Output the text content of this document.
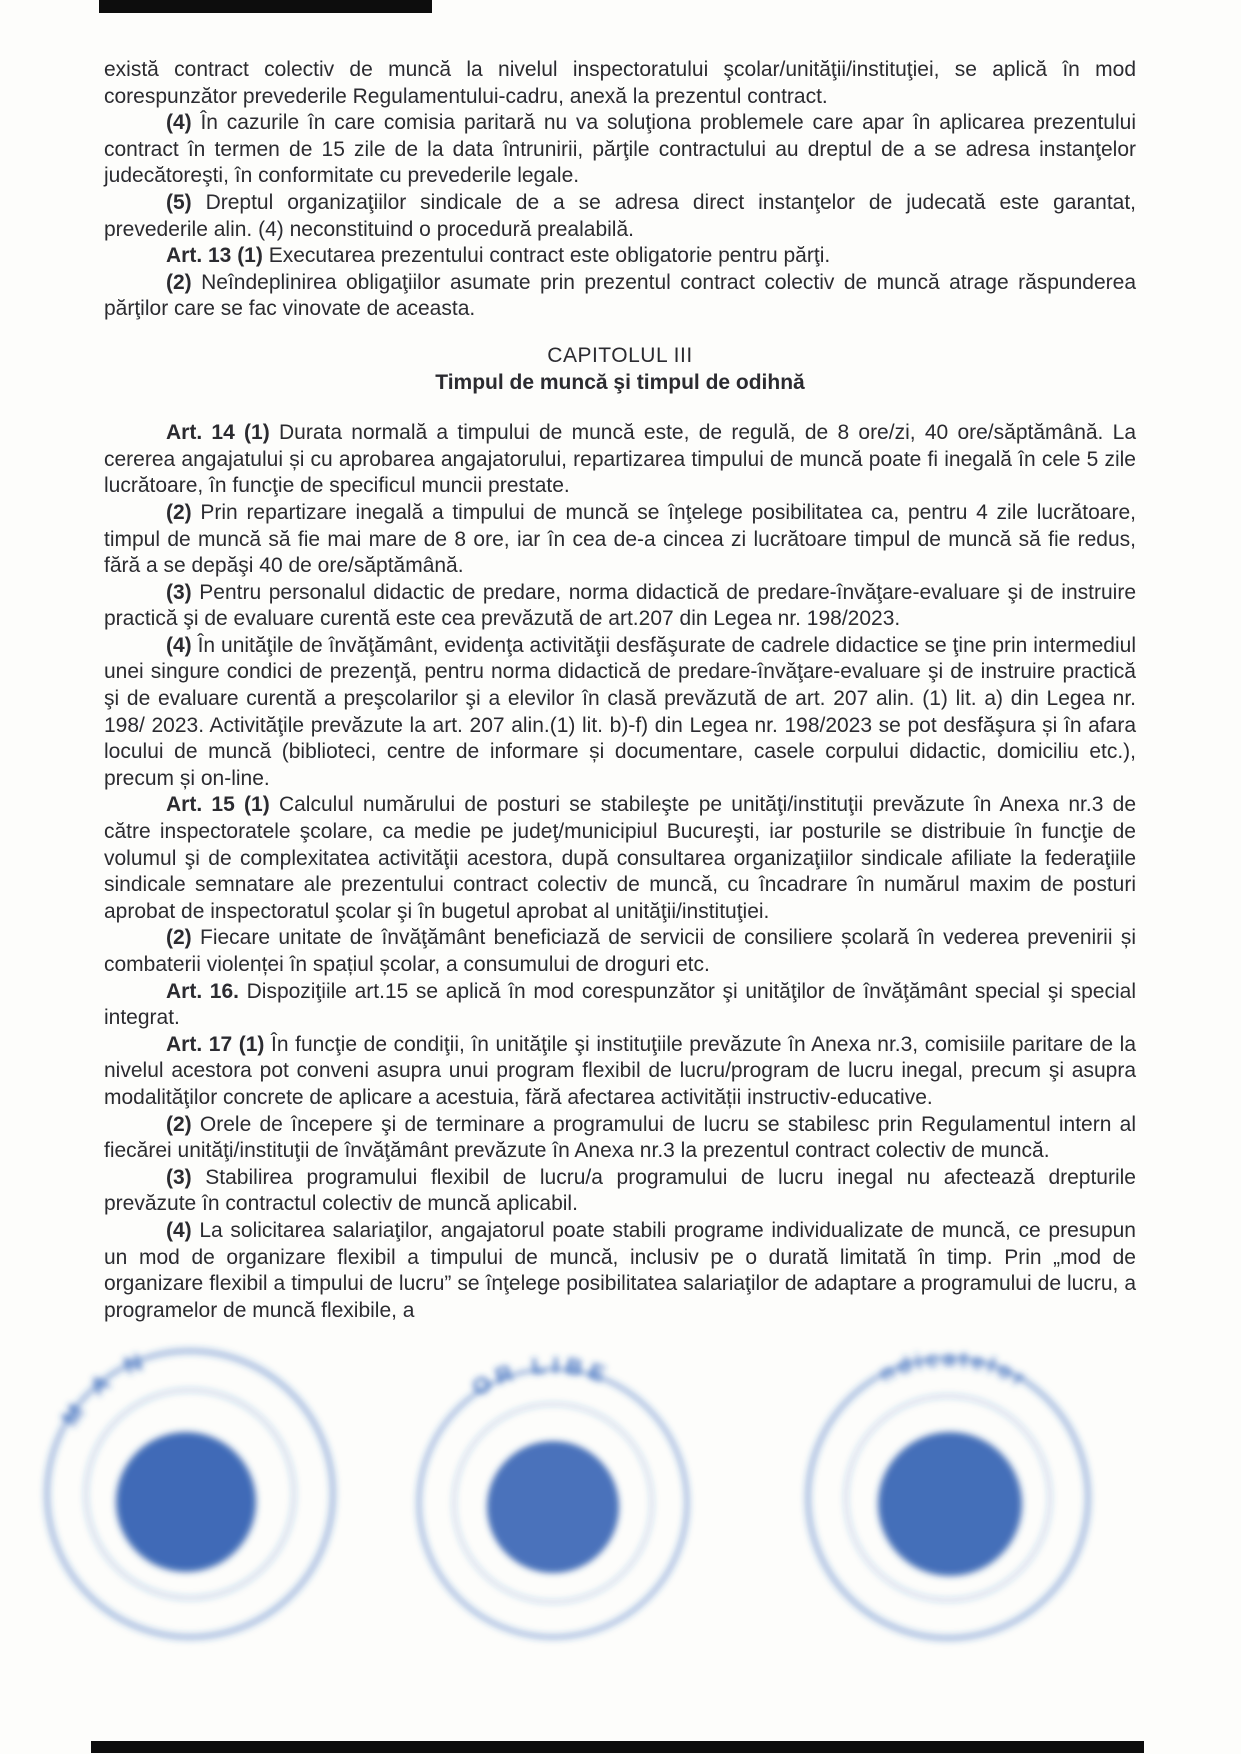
există contract colectiv de muncă la nivelul inspectoratului şcolar/unităţii/instituţiei, se aplică în mod corespunzător prevederile Regulamentului-cadru, anexă la prezentul contract.

(4) În cazurile în care comisia paritară nu va soluţiona problemele care apar în aplicarea prezentului contract în termen de 15 zile de la data întrunirii, părţile contractului au dreptul de a se adresa instanţelor judecătoreşti, în conformitate cu prevederile legale.

(5) Dreptul organizaţiilor sindicale de a se adresa direct instanţelor de judecată este garantat, prevederile alin. (4) neconstituind o procedură prealabilă.

Art. 13 (1) Executarea prezentului contract este obligatorie pentru părţi.

(2) Neîndeplinirea obligaţiilor asumate prin prezentul contract colectiv de muncă atrage răspunderea părţilor care se fac vinovate de aceasta.

CAPITOLUL III

Timpul de muncă şi timpul de odihnă

Art. 14 (1) Durata normală a timpului de muncă este, de regulă, de 8 ore/zi, 40 ore/săptămână. La cererea angajatului și cu aprobarea angajatorului, repartizarea timpului de muncă poate fi inegală în cele 5 zile lucrătoare, în funcţie de specificul muncii prestate.

(2) Prin repartizare inegală a timpului de muncă se înţelege posibilitatea ca, pentru 4 zile lucrătoare, timpul de muncă să fie mai mare de 8 ore, iar în cea de-a cincea zi lucrătoare timpul de muncă să fie redus, fără a se depăşi 40 de ore/săptămână.

(3) Pentru personalul didactic de predare, norma didactică de predare-învăţare-evaluare şi de instruire practică şi de evaluare curentă este cea prevăzută de art.207 din Legea nr. 198/2023.

(4) În unităţile de învăţământ, evidenţa activităţii desfăşurate de cadrele didactice se ţine prin intermediul unei singure condici de prezenţă, pentru norma didactică de predare-învăţare-evaluare şi de instruire practică şi de evaluare curentă a preşcolarilor şi a elevilor în clasă prevăzută de art. 207 alin. (1) lit. a) din Legea nr. 198/ 2023. Activităţile prevăzute la art. 207 alin.(1) lit. b)-f) din Legea nr. 198/2023 se pot desfăşura și în afara locului de muncă (biblioteci, centre de informare și documentare, casele corpului didactic, domiciliu etc.), precum și on-line.

Art. 15 (1) Calculul numărului de posturi se stabileşte pe unităţi/instituţii prevăzute în Anexa nr.3 de către inspectoratele şcolare, ca medie pe judeţ/municipiul Bucureşti, iar posturile se distribuie în funcţie de volumul şi de complexitatea activităţii acestora, după consultarea organizaţiilor sindicale afiliate la federaţiile sindicale semnatare ale prezentului contract colectiv de muncă, cu încadrare în numărul maxim de posturi aprobat de inspectoratul şcolar şi în bugetul aprobat al unităţii/instituţiei.

(2) Fiecare unitate de învăţământ beneficiază de servicii de consiliere școlară în vederea prevenirii și combaterii violenței în spațiul școlar, a consumului de droguri etc.

Art. 16. Dispoziţiile art.15 se aplică în mod corespunzător şi unităţilor de învăţământ special şi special integrat.

Art. 17 (1) În funcţie de condiţii, în unităţile şi instituţiile prevăzute în Anexa nr.3, comisiile paritare de la nivelul acestora pot conveni asupra unui program flexibil de lucru/program de lucru inegal, precum şi asupra modalităţilor concrete de aplicare a acestuia, fără afectarea activității instructiv-educative.

(2) Orele de începere şi de terminare a programului de lucru se stabilesc prin Regulamentul intern al fiecărei unităţi/instituţii de învăţământ prevăzute în Anexa nr.3 la prezentul contract colectiv de muncă.

(3) Stabilirea programului flexibil de lucru/a programului de lucru inegal nu afectează drepturile prevăzute în contractul colectiv de muncă aplicabil.

(4) La solicitarea salariaţilor, angajatorul poate stabili programe individualizate de muncă, ce presupun un mod de organizare flexibil a timpului de muncă, inclusiv pe o durată limitată în timp. Prin „mod de organizare flexibil a timpului de lucru” se înţelege posibilitatea salariaţilor de adaptare a programului de lucru, a programelor de muncă flexibile, a

M A N
OR LIBE	ndicatelor
